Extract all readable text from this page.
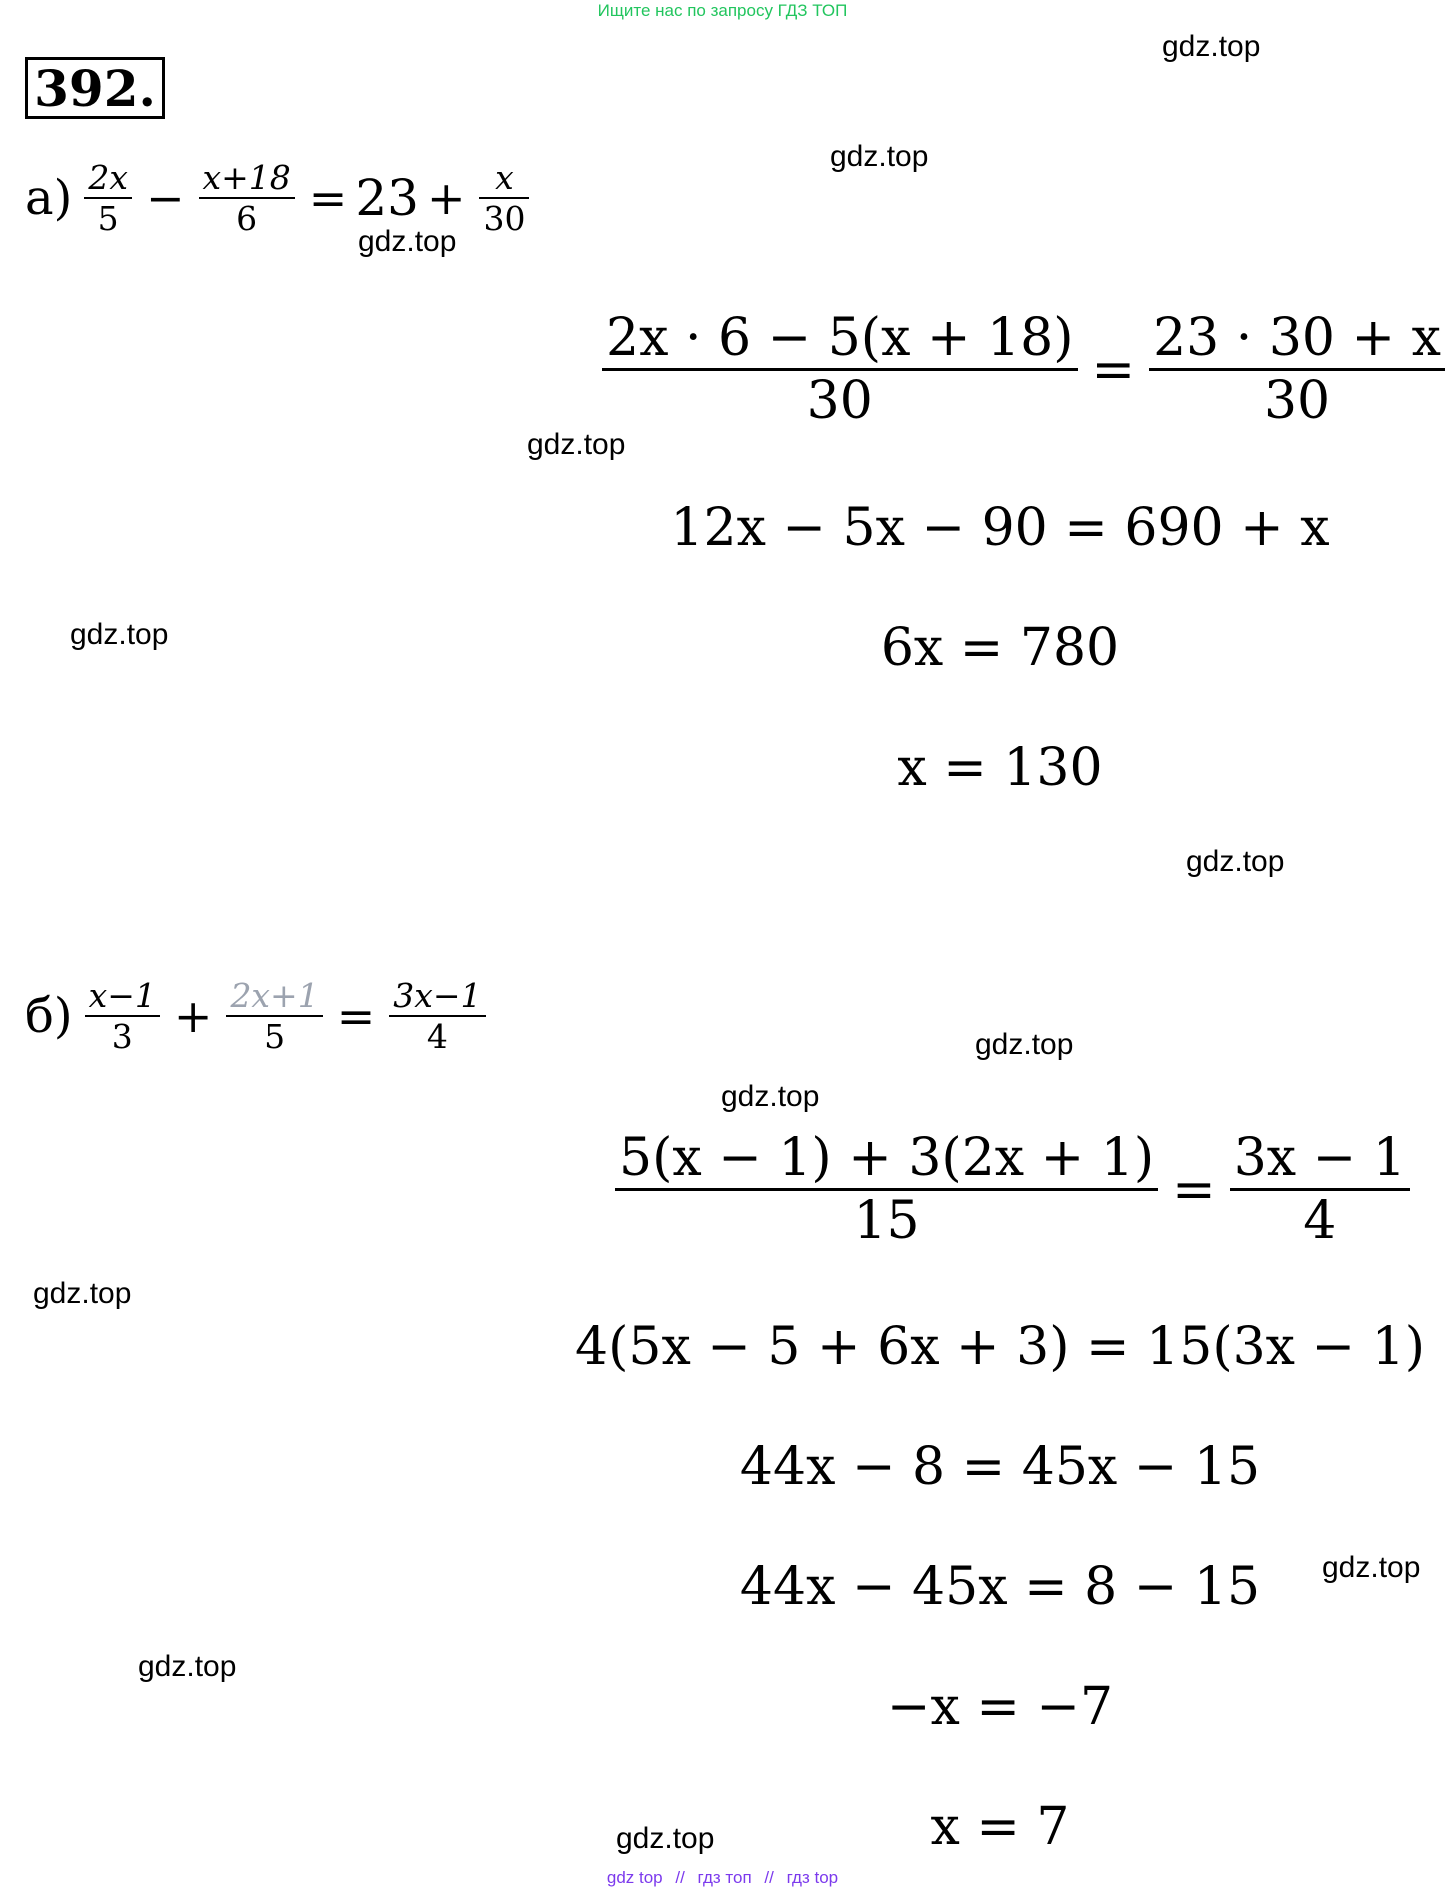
Ищите нас по запросу ГДЗ ТОП
392.
gdz.top
gdz.top
gdz.top
gdz.top
gdz.top
gdz.top
gdz.top
gdz.top
gdz.top
gdz.top
gdz.top
gdz.top
$а) \frac{2x}{5} - \frac{x+18}{6} = 23 + \frac{x}{30}$
$\frac{2x \cdot 6 - 5(x + 18)}{30} = \frac{23 \cdot 30 + x}{30}$
12x − 5x − 90 = 690 + x
6x = 780
x = 130
$б) \frac{x-1}{3} + \frac{2x+1}{5} = \frac{3x-1}{4}$
$\frac{5(x - 1) + 3(2x + 1)}{15} = \frac{3x - 1}{4}$
4(5x − 5 + 6x + 3) = 15(3x − 1)
44x − 8 = 45x − 15
44x − 45x = 8 − 15
−x = −7
x = 7
gdz top // гдз топ // гдз top
